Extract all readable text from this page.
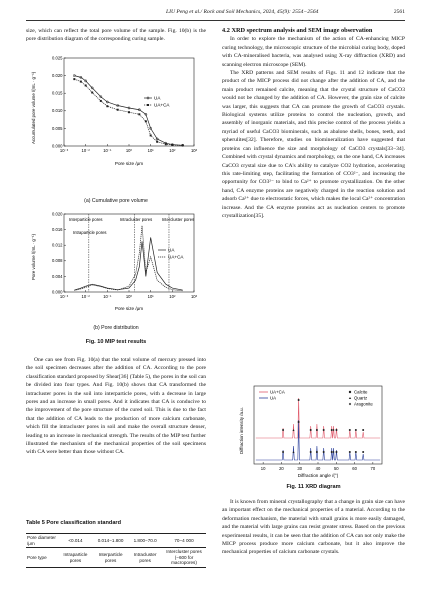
LIU Peng et al./ Rock and Soil Mechanics, 2024, 45(9): 2554−2564	2561

size, which can reflect the total pore volume of the sample. Fig. 10(b) is the pore distribution diagram of the corresponding curing sample.

10⁻³	10⁻²	10⁻¹	10⁰	10¹	10²	10³
0.000
0.005
0.010
0.015
0.020
0.025
Accumulated pore volume /(mL · g⁻¹)
Pore size /μm
UA
UA+CA
(a) Cumulative pore volume
10⁻³	10⁻²	10⁻¹	10⁰	10¹	10²	10³
0.000
0.004
0.008
0.012
0.016
0.020
Pore volume /(mL · g⁻¹)
Pore size /μm
Interparticle pores	Intracluster pores Intercluster pores
Intraparticle pores
UA
UA+CA
(b) Pore distribution
Fig. 10 MIP test results

One can see from Fig. 10(a) that the total volume of mercury pressed into the soil specimen decreases after the addition of CA. According to the pore classification standard proposed by Shear[36] (Table 5), the pores in the soil can be divided into four types. And Fig. 10(b) shows that CA transformed the intracluster pores in the soil into interparticle pores, with a decrease in large pores and an increase in small pores. And it indicates that CA is conducive to the improvement of the pore structure of the cured soil. This is due to the fact that the addition of CA leads to the production of more calcium carbonate, which fill the intracluster pores in soil and make the overall structure denser, leading to an increase in mechanical strength. The results of the MIP test further illustrated the mechanism of the mechanical properties of the soil specimens with CA were better than those without CA.

Table 5 Pore classification standard
Pore diameter /μm	<0.014	0.014−1.800	1.800−70.0	70−4 000
Pore type	Intraparticle pores	Interparticle pores	Intracluster pores	Intercluster pores (−600 for macropores)
4.2 XRD spectrum analysis and SEM image observation

In order to explore the mechanism of the action of CA-enhancing MICP curing technology, the microscopic structure of the microbial curing body, doped with CA-mineralised bacteria, was analysed using X-ray diffraction (XRD) and scanning electron microscope (SEM).

The XRD patterns and SEM results of Figs. 11 and 12 indicate that the product of the MICP process did not change after the addition of CA, and the main product remained calcite, meaning that the crystal structure of CaCO3 would not be changed by the addition of CA. However, the grain size of calcite was larger, this suggests that CA can promote the growth of CaCO3 crystals. Biological systems utilize proteins to control the nucleation, growth, and assembly of inorganic materials, and this precise control of the process yields a myriad of useful CaCO3 biominerals, such as abalone shells, bones, teeth, and spherulites[32]. Therefore, studies on biomineralization have suggested that proteins can influence the size and morphology of CaCO3 crystals[33−34]. Combined with crystal dynamics and morphology, on the one hand, CA increases CaCO3 crystal size due to CA's ability to catalyze CO2 hydration, accelerating this rate-limiting step, facilitating the formation of CO3²⁻, and increasing the opportunity for CO3²⁻ to bind to Ca²⁺ to promote crystallization. On the other hand, CA enzyme proteins are negatively charged in the reaction solution and adsorb Ca²⁺ due to electrostatic forces, which makes the local Ca²⁺ concentration increase. And the CA enzyme proteins act as nucleation centers to promote crystallization[35].

10	20	30	40	50	60	70
Diffraction intensity /a.u.
Diffraction angle /(°)
UA+CA
UA
Calcite
Quartz
Aragonite
Fig. 11 XRD diagram

It is known from mineral crystallography that a change in grain size can have an important effect on the mechanical properties of a material. According to the deformation mechanism, the material with small grains is more easily damaged, and the material with large grains can resist greater stress. Based on the previous experimental results, it can be seen that the addition of CA can not only make the MICP process produce more calcium carbonate, but it also improve the mechanical properties of calcium carbonate crystals.
